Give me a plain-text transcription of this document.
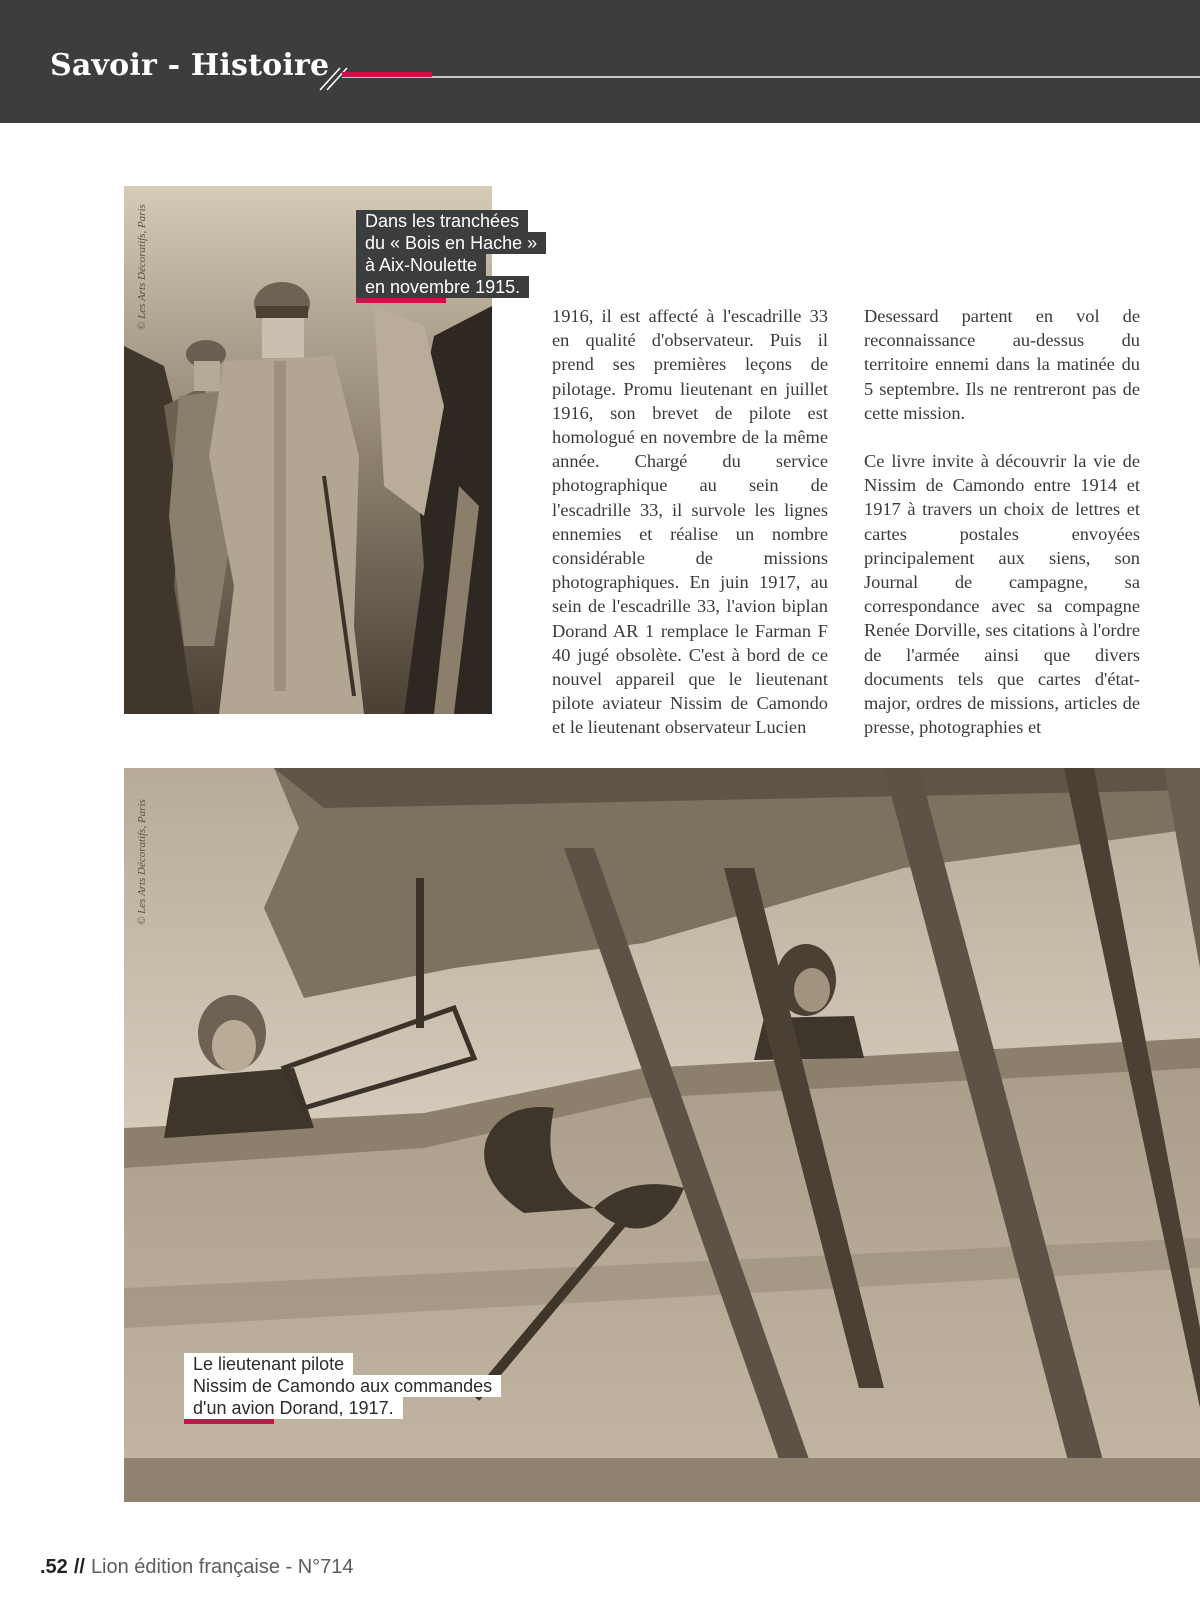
Savoir - Histoire
© Les Arts Décoratifs, Paris	Dans les tranchées
du « Bois en Hache »
à Aix-Noulette
en novembre 1915.

1916, il est affecté à l'escadrille 33 en qualité d'observateur. Puis il prend ses premières leçons de pilotage. Promu lieutenant en juillet 1916, son brevet de pilote est homologué en novembre de la même année. Chargé du service photographique au sein de l'escadrille 33, il survole les lignes ennemies et réalise un nombre considérable de missions photographiques. En juin 1917, au sein de l'escadrille 33, l'avion biplan Dorand AR 1 remplace le Farman F 40 jugé obsolète. C'est à bord de ce nouvel appareil que le lieutenant pilote aviateur Nissim de Camondo et le lieutenant observateur Lucien

Desessard partent en vol de reconnaissance au-dessus du territoire ennemi dans la matinée du 5 septembre. Ils ne rentreront pas de cette mission.

Ce livre invite à découvrir la vie de Nissim de Camondo entre 1914 et 1917 à travers un choix de lettres et cartes postales envoyées principalement aux siens, son Journal de campagne, sa correspondance avec sa compagne Renée Dorville, ses citations à l'ordre de l'armée ainsi que divers documents tels que cartes d'état-major, ordres de missions, articles de presse, photographies et

© Les Arts Décoratifs, Paris
Le lieutenant pilote
Nissim de Camondo aux commandes
d'un avion Dorand, 1917.
.52 // Lion édition française - N°714
